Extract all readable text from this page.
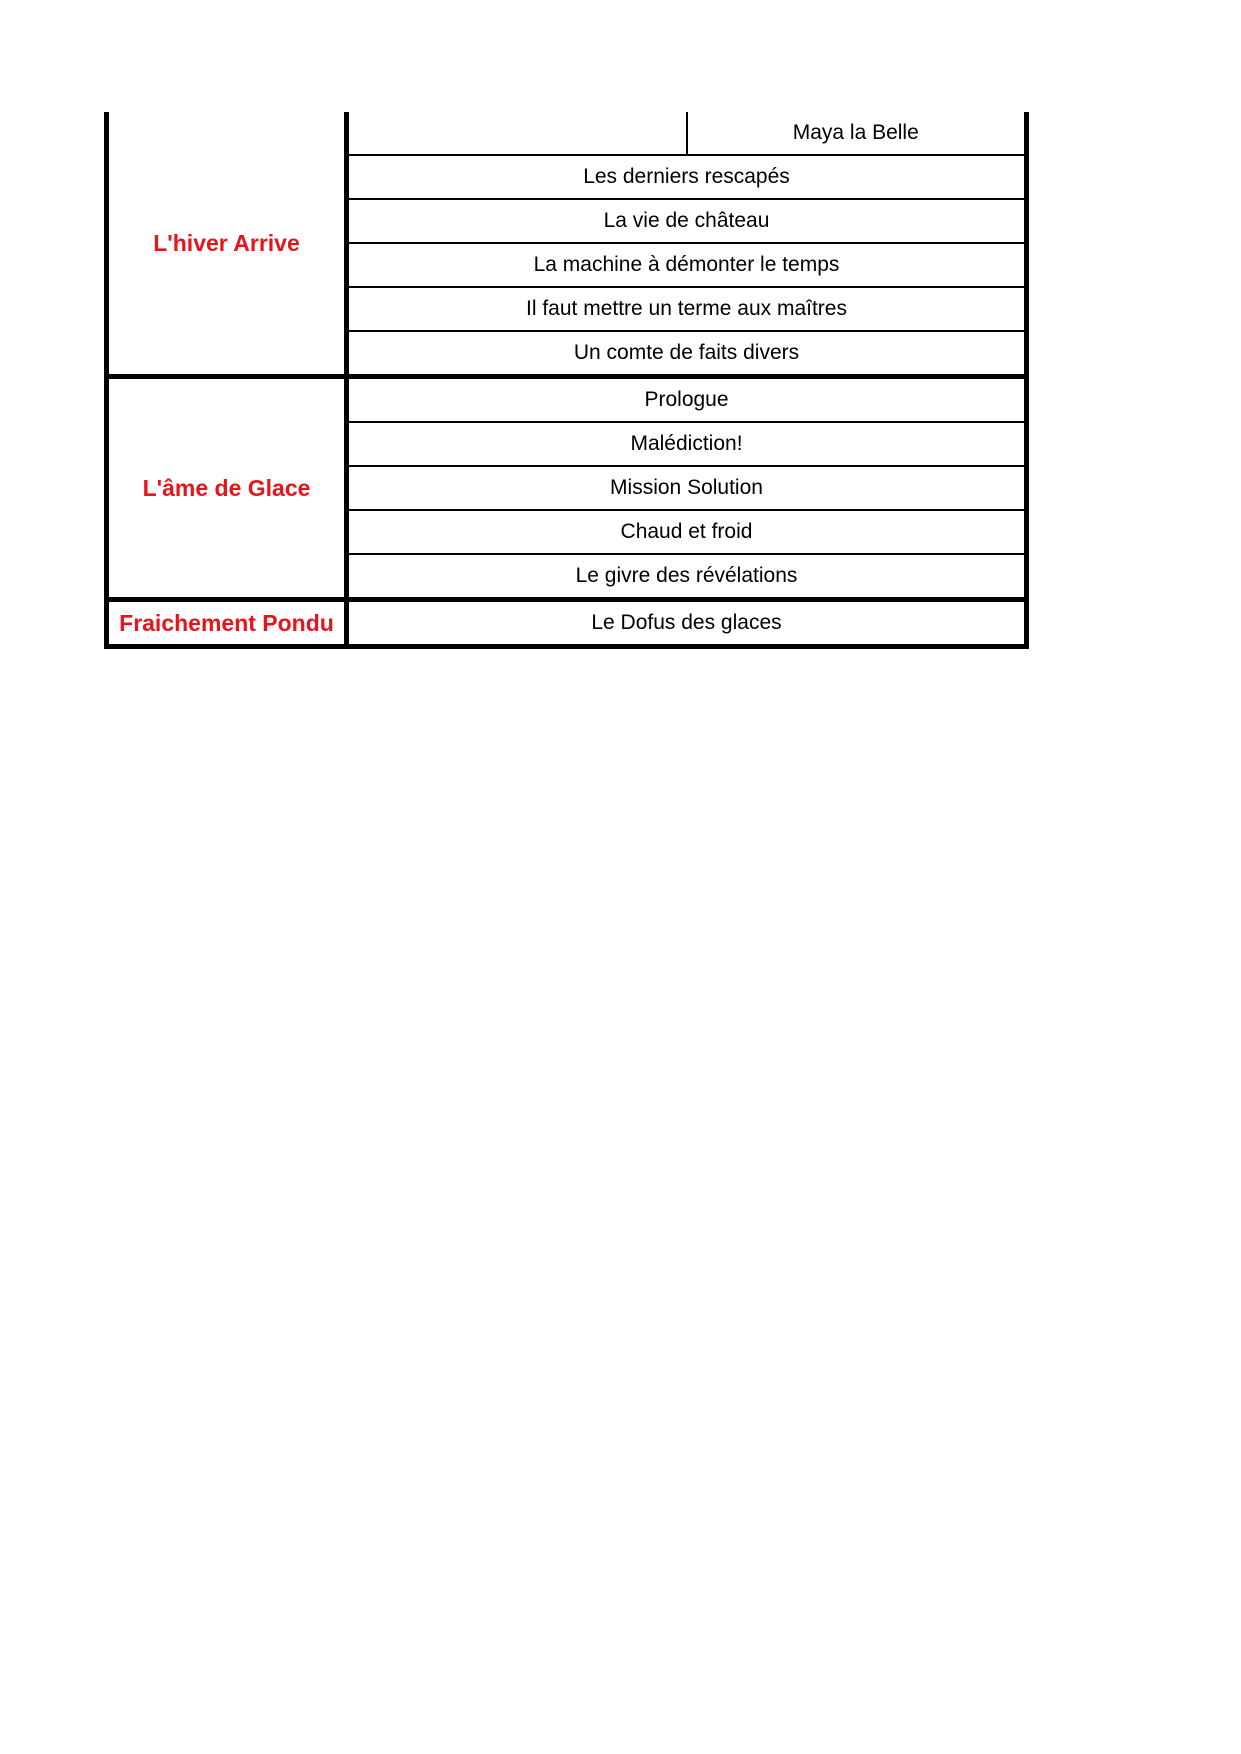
L'hiver Arrive		Maya la Belle
	Les derniers rescapés	
	La vie de château	
	La machine à démonter le temps	
	Il faut mettre un terme aux maîtres	
	Un comte de faits divers	
L'âme de Glace	Prologue	
	Malédiction!	
	Mission Solution	
	Chaud et froid	
	Le givre des révélations	
Fraichement Pondu	Le Dofus des glaces	
